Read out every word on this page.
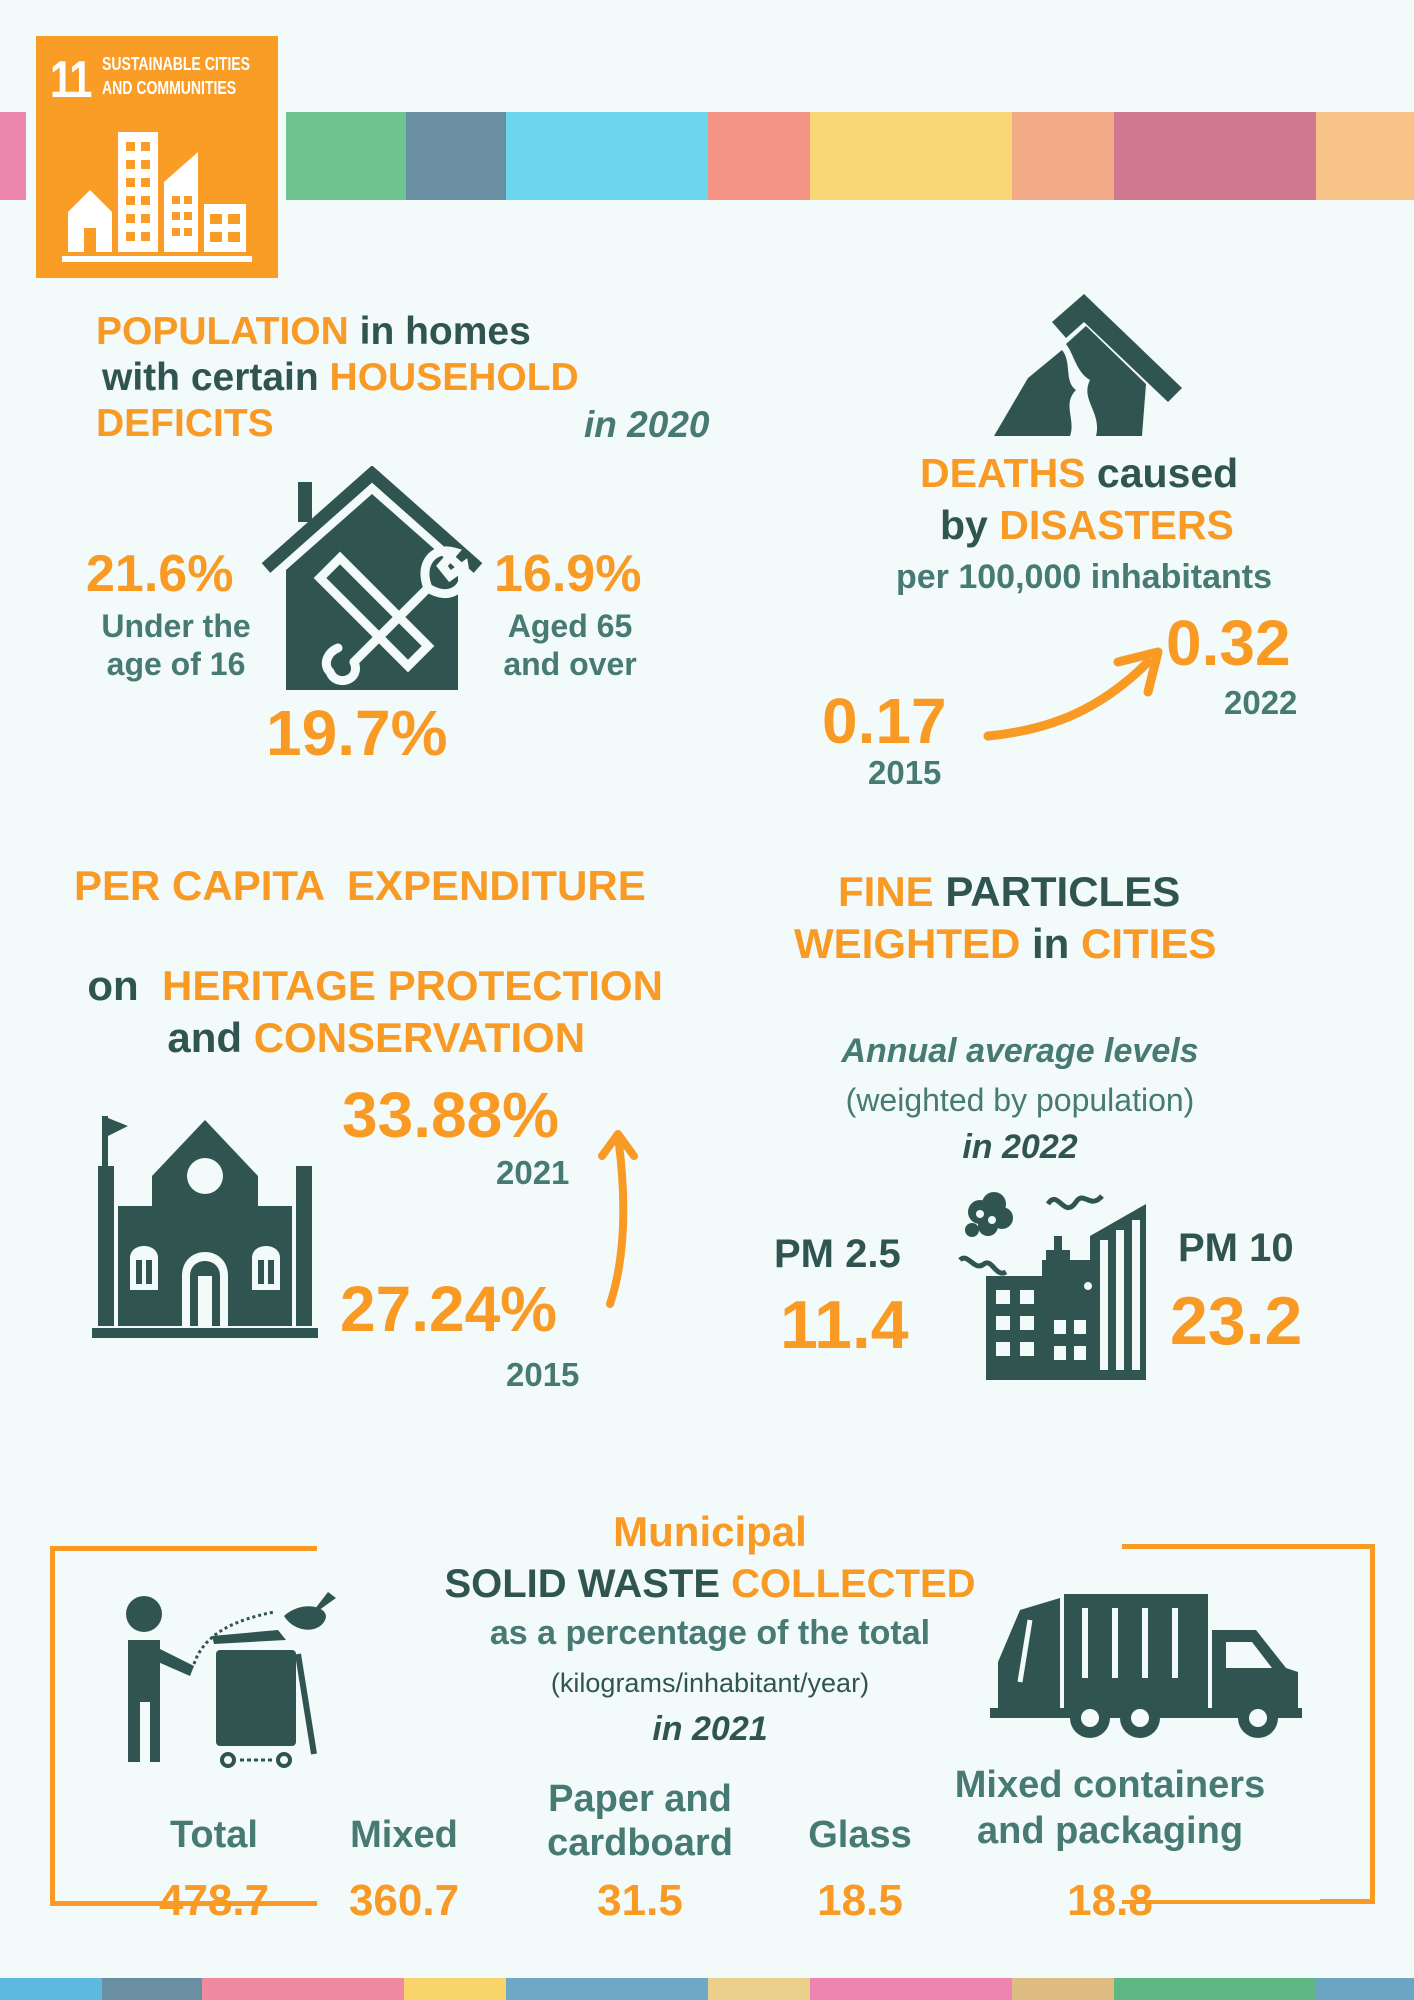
11 SUSTAINABLE CITIES
AND COMMUNITIES
POPULATION in homes
with certain HOUSEHOLD
DEFICITS	in 2020
21.6%
Under the
age of 16
16.9%
Aged 65
and over
19.7%
DEATHS caused
by DISASTERS
per 100,000 inhabitants
0.32
2022
0.17
2015
PER CAPITA  EXPENDITURE

on  HERITAGE PROTECTION

and CONSERVATION

33.88%
2021
27.24%
2015
FINE PARTICLES
WEIGHTED in CITIES
Annual average levels
(weighted by population)
in 2022
PM 2.5
11.4
PM 10
23.2
Municipal
SOLID WASTE COLLECTED
as a percentage of the total
(kilograms/inhabitant/year)
in 2021
Total
478.7
Mixed
360.7
Paper and
cardboard
31.5
Glass
18.5
Mixed containers
and packaging
18.8
